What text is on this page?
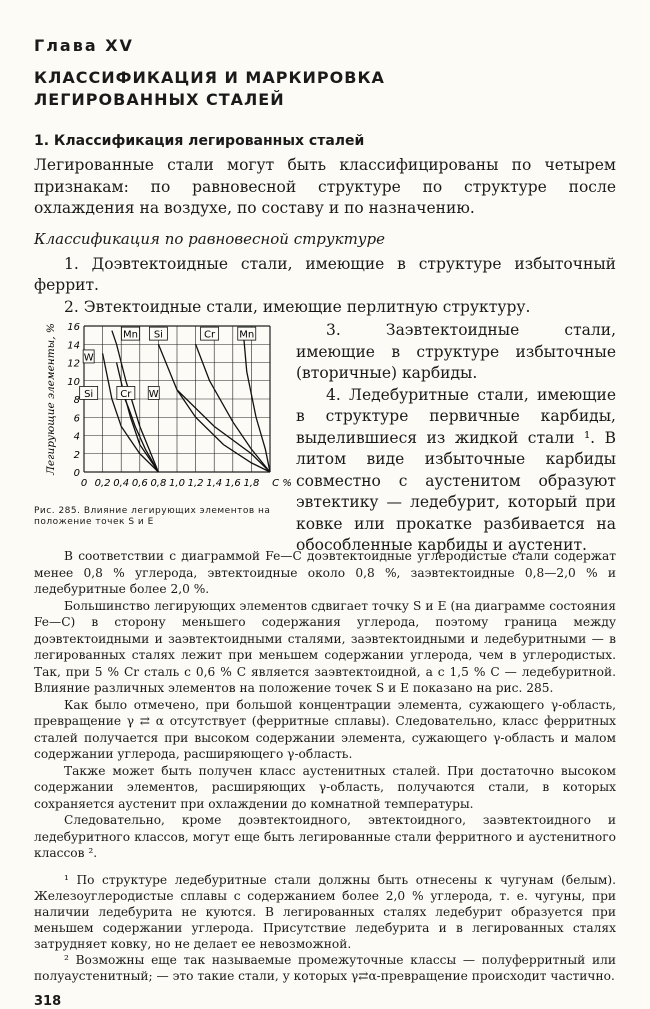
Глава XV
КЛАССИФИКАЦИЯ И МАРКИРОВКА
ЛЕГИРОВАННЫХ СТАЛЕЙ
1. Классификация легированных сталей

Легированные стали могут быть классифицированы по четырем признакам: по равновесной структуре по структуре после охлаждения на воздухе, по составу и по назначению.

Классификация по равновесной структуре

1. Доэвтектоидные стали, имеющие в структуре избыточный феррит.

2. Эвтектоидные стали, имеющие перлитную структуру.

0 0,2 0,4 0,6 0,8 1,0 1,2 1,4 1,6 1,8 C %
0
2
4
6
8
10
12
14
16
Легирующие элементы, %	Mn Si	Cr Mn
W
Si	Cr W
Рис. 285. Влияние легирующих элементов на положение точек S и E

3. Заэвтектоидные стали, имеющие в структуре избыточные (вторичные) карбиды.

4. Ледебуритные стали, имеющие в структуре первичные карбиды, выделившиеся из жидкой стали ¹. В литом виде избыточные карбиды совместно с аустенитом образуют эвтектику — ледебурит, который при ковке или прокатке разбивается на обособленные карбиды и аустенит.

В соответствии с диаграммой Fe—C доэвтектоидные углеродистые стали содержат менее 0,8 % углерода, эвтектоидные около 0,8 %, заэвтектоидные 0,8—2,0 % и ледебуритные более 2,0 %.

Большинство легирующих элементов сдвигает точку S и E (на диаграмме состояния Fe—C) в сторону меньшего содержания углерода, поэтому граница между доэвтектоидными и заэвтектоидными сталями, заэвтектоидными и ледебуритными — в легированных сталях лежит при меньшем содержании углерода, чем в углеродистых. Так, при 5 % Cr сталь с 0,6 % C является заэвтектоидной, а с 1,5 % C — ледебуритной. Влияние различных элементов на положение точек S и E показано на рис. 285.

Как было отмечено, при большой концентрации элемента, сужающего γ-область, превращение γ ⇄ α отсутствует (ферритные сплавы). Следовательно, класс ферритных сталей получается при высоком содержании элемента, сужающего γ-область и малом содержании углерода, расширяющего γ-область.

Также может быть получен класс аустенитных сталей. При достаточно высоком содержании элементов, расширяющих γ-область, получаются стали, в которых сохраняется аустенит при охлаждении до комнатной температуры.

Следовательно, кроме доэвтектоидного, эвтектоидного, заэвтектоидного и ледебуритного классов, могут еще быть легированные стали ферритного и аустенитного классов ².

¹ По структуре ледебуритные стали должны быть отнесены к чугунам (белым). Железоуглеродистые сплавы с содержанием более 2,0 % углерода, т. е. чугуны, при наличии ледебурита не куются. В легированных сталях ледебурит образуется при меньшем содержании углерода. Присутствие ледебурита и в легированных сталях затрудняет ковку, но не делает ее невозможной.

² Возможны еще так называемые промежуточные классы — полуферритный или полуаустенитный; — это такие стали, у которых γ⇄α-превращение происходит частично.

318
